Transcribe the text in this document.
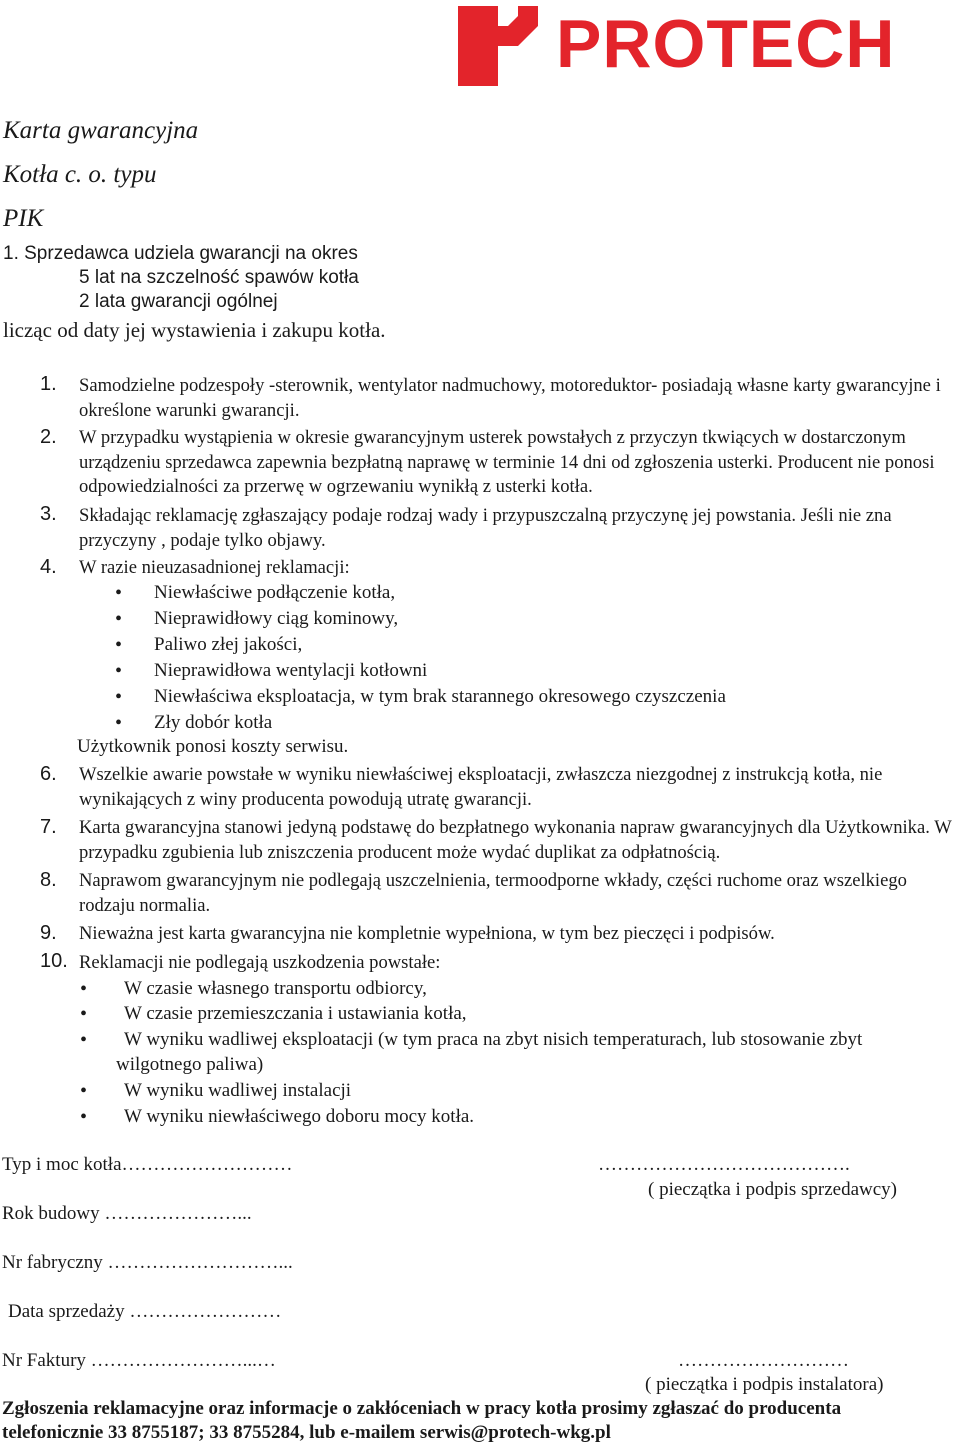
PROTECH
Karta gwarancyjna
Kotła c. o. typu
PIK
1. Sprzedawca udziela gwarancji na okres
5 lat na szczelność spawów kotła
2 lata gwarancji ogólnej
licząc od daty jej wystawienia i zakupu kotła.
1. Samodzielne podzespoły -sterownik, wentylator nadmuchowy, motoreduktor- posiadają własne karty gwarancyjne i określone warunki gwarancji.
2. W przypadku wystąpienia w okresie gwarancyjnym usterek powstałych z przyczyn tkwiących w dostarczonym urządzeniu sprzedawca zapewnia bezpłatną naprawę w terminie 14 dni od zgłoszenia usterki. Producent nie ponosi odpowiedzialności za przerwę w ogrzewaniu wynikłą z usterki kotła.
3. Składając reklamację zgłaszający podaje rodzaj wady i przypuszczalną przyczynę jej powstania. Jeśli nie zna przyczyny , podaje tylko objawy.
4. W razie nieuzasadnionej reklamacji:
• Niewłaściwe podłączenie kotła,
• Nieprawidłowy ciąg kominowy,
• Paliwo złej jakości,
• Nieprawidłowa wentylacji kotłowni
• Niewłaściwa eksploatacja, w tym brak starannego okresowego czyszczenia
• Zły dobór kotła
Użytkownik ponosi koszty serwisu.
6. Wszelkie awarie powstałe w wyniku niewłaściwej eksploatacji, zwłaszcza niezgodnej z instrukcją kotła, nie wynikających z winy producenta powodują utratę gwarancji.
7. Karta gwarancyjna stanowi jedyną podstawę do bezpłatnego wykonania napraw gwarancyjnych dla Użytkownika. W przypadku zgubienia lub zniszczenia producent może wydać duplikat za odpłatnością.
8. Naprawom gwarancyjnym nie podlegają uszczelnienia, termoodporne wkłady, części ruchome oraz wszelkiego rodzaju normalia.
9. Nieważna jest karta gwarancyjna nie kompletnie wypełniona, w tym bez pieczęci i podpisów.
10. Reklamacji nie podlegają uszkodzenia powstałe:
• W czasie własnego transportu odbiorcy,
• W czasie przemieszczania i ustawiania kotła,
• W wyniku wadliwej eksploatacji (w tym praca na zbyt nisich temperaturach, lub stosowanie zbyt
wilgotnego paliwa)
• W wyniku wadliwej instalacji
• W wyniku niewłaściwego doboru mocy kotła.
Typ i moc kotła………………………
Rok budowy …………………...
Nr fabryczny ………………………...
Data sprzedaży ……………………
Nr Faktury ……………………...…
………………………………….
( pieczątka i podpis sprzedawcy)
………………………
( pieczątka i podpis instalatora)
Zgłoszenia reklamacyjne oraz informacje o zakłóceniach w pracy kotła prosimy zgłaszać do producenta
telefonicznie 33 8755187; 33 8755284, lub e-mailem serwis@protech-wkg.pl
